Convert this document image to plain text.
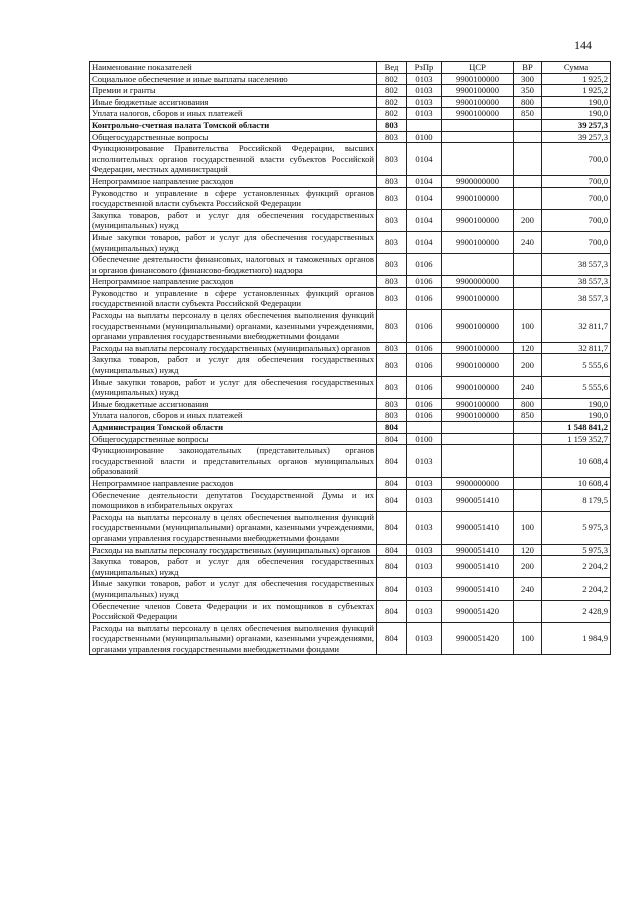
144
Наименование показателей	Вед	РзПр	ЦСР	ВР	Сумма
Социальное обеспечение и иные выплаты населению	802	0103	9900100000	300	1 925,2
Премии и гранты	802	0103	9900100000	350	1 925,2
Иные бюджетные ассигнования	802	0103	9900100000	800	190,0
Уплата налогов, сборов и иных платежей	802	0103	9900100000	850	190,0
Контрольно-счетная палата Томской области	803				39 257,3
Общегосударственные вопросы	803	0100			39 257,3
Функционирование Правительства Российской Федерации, высших исполнительных органов государственной власти субъектов Российской Федерации, местных администраций	803	0104			700,0
Непрограммное направление расходов	803	0104	9900000000		700,0
Руководство и управление в сфере установленных функций органов государственной власти субъекта Российской Федерации	803	0104	9900100000		700,0
Закупка товаров, работ и услуг для обеспечения государственных (муниципальных) нужд	803	0104	9900100000	200	700,0
Иные закупки товаров, работ и услуг для обеспечения государственных (муниципальных) нужд	803	0104	9900100000	240	700,0
Обеспечение деятельности финансовых, налоговых и таможенных органов и органов финансового (финансово-бюджетного) надзора	803	0106			38 557,3
Непрограммное направление расходов	803	0106	9900000000		38 557,3
Руководство и управление в сфере установленных функций органов государственной власти субъекта Российской Федерации	803	0106	9900100000		38 557,3
Расходы на выплаты персоналу в целях обеспечения выполнения функций государственными (муниципальными) органами, казенными учреждениями, органами управления государственными внебюджетными фондами	803	0106	9900100000	100	32 811,7
Расходы на выплаты персоналу государственных (муниципальных) органов	803	0106	9900100000	120	32 811,7
Закупка товаров, работ и услуг для обеспечения государственных (муниципальных) нужд	803	0106	9900100000	200	5 555,6
Иные закупки товаров, работ и услуг для обеспечения государственных (муниципальных) нужд	803	0106	9900100000	240	5 555,6
Иные бюджетные ассигнования	803	0106	9900100000	800	190,0
Уплата налогов, сборов и иных платежей	803	0106	9900100000	850	190,0
Администрация Томской области	804				1 548 841,2
Общегосударственные вопросы	804	0100			1 159 352,7
Функционирование законодательных (представительных) органов государственной власти и представительных органов муниципальных образований	804	0103			10 608,4
Непрограммное направление расходов	804	0103	9900000000		10 608,4
Обеспечение деятельности депутатов Государственной Думы и их помощников в избирательных округах	804	0103	9900051410		8 179,5
Расходы на выплаты персоналу в целях обеспечения выполнения функций государственными (муниципальными) органами, казенными учреждениями, органами управления государственными внебюджетными фондами	804	0103	9900051410	100	5 975,3
Расходы на выплаты персоналу государственных (муниципальных) органов	804	0103	9900051410	120	5 975,3
Закупка товаров, работ и услуг для обеспечения государственных (муниципальных) нужд	804	0103	9900051410	200	2 204,2
Иные закупки товаров, работ и услуг для обеспечения государственных (муниципальных) нужд	804	0103	9900051410	240	2 204,2
Обеспечение членов Совета Федерации и их помощников в субъектах Российской Федерации	804	0103	9900051420		2 428,9
Расходы на выплаты персоналу в целях обеспечения выполнения функций государственными (муниципальными) органами, казенными учреждениями, органами управления государственными внебюджетными фондами	804	0103	9900051420	100	1 984,9
